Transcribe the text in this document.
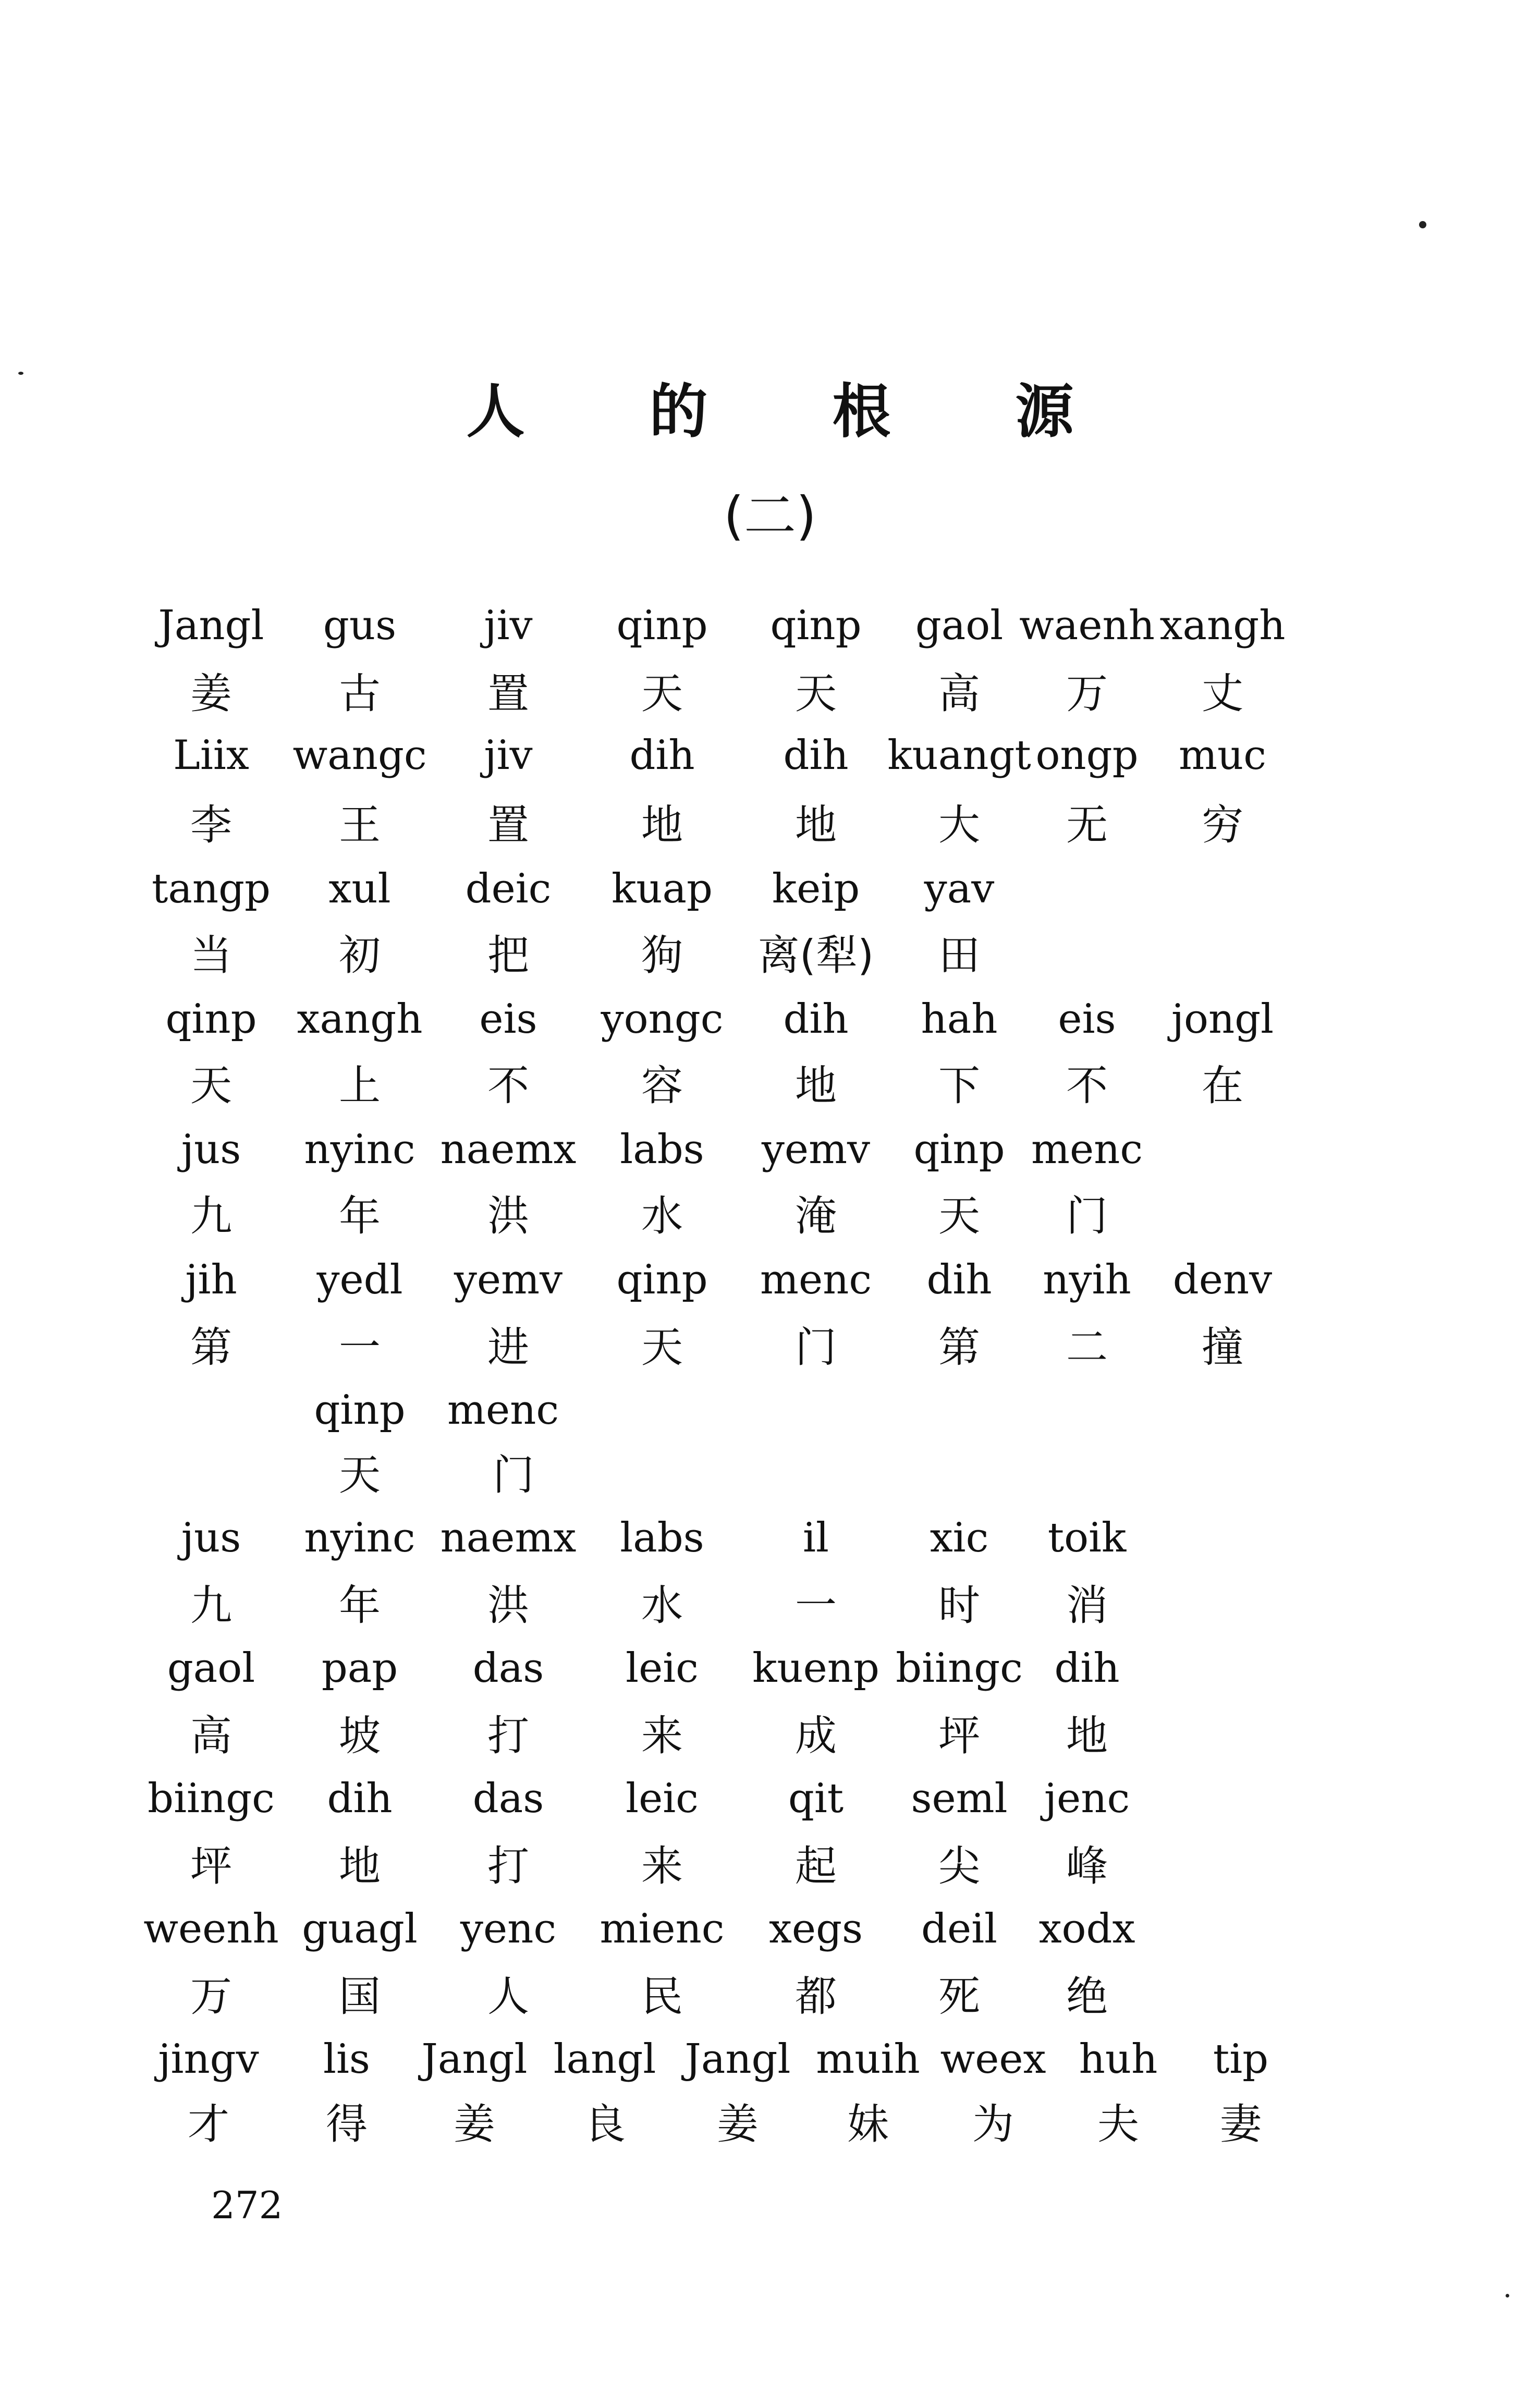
人 的 根 源
(二)
Jangl gus jiv qinp qinp gaol waenh xangh
姜	古	置	天	天 高 万 丈
Liix wangc jiv dih dih kuangt ongp muc
李	王	置	地	地 大 无 穷
tangp xul deic kuap keip yav
当	初	把	狗 离(犁) 田
qinp xangh eis yongc dih hah eis jongl
天	上	不	容	地 下 不 在
jus nyinc naemx labs yemv qinp menc
九	年	洪	水	淹 天 门
jih yedl yemv qinp menc dih nyih denv
第	一	进	天	门 第 二 撞
qinp menc
天	门
jus nyinc naemx labs il xic toik
九	年	洪	水	一 时 消
gaol pap das leic kuenp biingc dih
高	坡	打	来	成 坪 地
biingc dih das leic qit seml jenc
坪	地	打	来	起 尖 峰
weenh guagl yenc mienc xegs deil xodx
万	国	人	民	都 死 绝
jingv lis Jangl langl Jangl muih weex huh tip
才 得 姜 良 姜 妹 为 夫 妻
272
